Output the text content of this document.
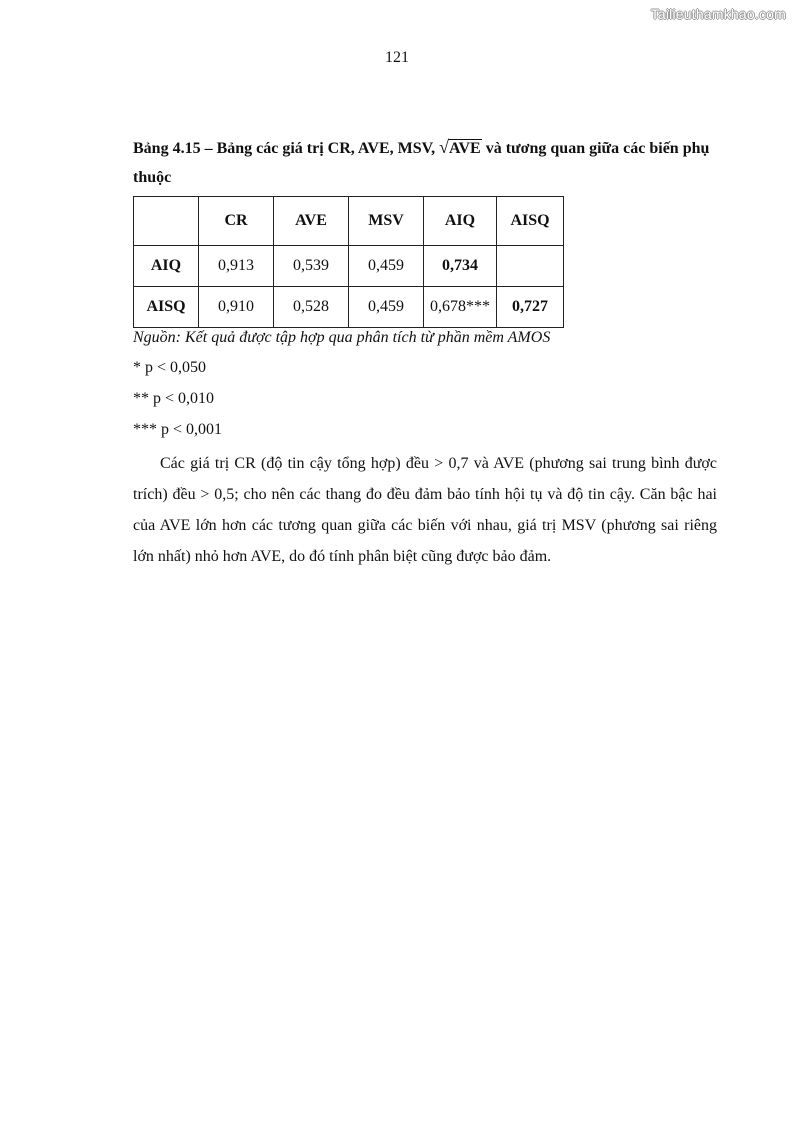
Tailieuthamkhao.com
121
Bảng 4.15 – Bảng các giá trị CR, AVE, MSV, √AVE và tương quan giữa các biến phụ thuộc
	CR	AVE	MSV	AIQ	AISQ
AIQ	0,913	0,539	0,459	0,734	
AISQ	0,910	0,528	0,459	0,678***	0,727
Nguồn: Kết quả được tập hợp qua phân tích từ phần mềm AMOS
* p < 0,050
** p < 0,010
*** p < 0,001

Các giá trị CR (độ tin cậy tổng hợp) đều > 0,7 và AVE (phương sai trung bình được trích) đều > 0,5; cho nên các thang đo đều đảm bảo tính hội tụ và độ tin cậy. Căn bậc hai của AVE lớn hơn các tương quan giữa các biến với nhau, giá trị MSV (phương sai riêng lớn nhất) nhỏ hơn AVE, do đó tính phân biệt cũng được bảo đảm.
